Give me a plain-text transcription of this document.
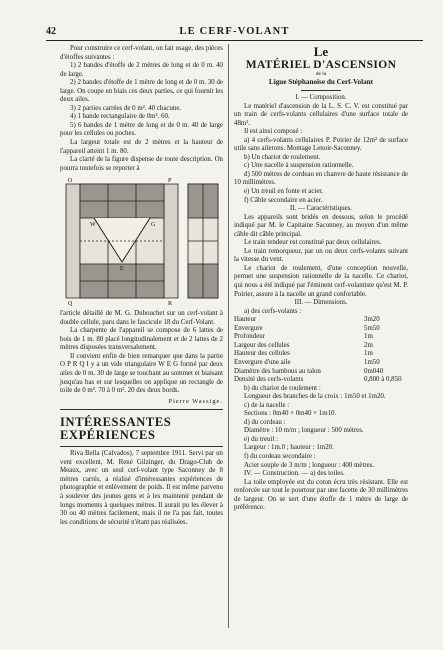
42	LE CERF-VOLANT

Pour construire ce cerf-volant, on fait usage, des pièces d'étoffes suivantes :

1) 2 bandes d'étoffe de 2 mètres de long et de 0 m. 40 de large.

2) 2 bandes d'étoffe de 1 mètre de long et de 0 m. 30 de large. On coupe en biais ces deux parties, ce qui fournit les deux ailes.

3) 2 parties carrées de 0 m². 40 chacune.

4) 1 bande rectangulaire de 0m². 60.

5) 6 bandes de 1 mètre de long et de 0 m. 40 de large pour les cellules ou poches.

La largeur totale est de 2 mètres et la hauteur de l'appareil atteint 1 m. 80.

La clarté de la figure dispense de toute description. On pourra toutefois se reporter à

O	P
R
Q
W
E
G

l'article détaillé de M. G. Dubouchet sur un cerf-volant à double cellule, paru dans le fascicule 18 du Cerf-Volant.

La charpente de l'appareil se compose de 6 lattes de bois de 1 m. 80 placé longitudinalement et de 2 lattes de 2 mètres disposées transversalement.

Il convient enfin de bien remarquer que dans la partie O P R Q I y a un vide triangulaire W E G formé par deux ailes de 0 m. 30 de large se touchant au sommet et biaisant jusqu'au bas et sur lesquelles on applique un rectangle de toile de 0 m². 70 à 0 m². 20 des deux bords.

Pierre Wassige.

INTÉRESSANTES EXPÉRIENCES

Riva Bella (Calvados), 7 septembre 1911. Servi par un vent excellent, M. René Gilzinger, du Drago-Club de Meaux, avec un seul cerf-volant type Saconney de 8 mètres carrés, a réalisé d'intéressantes expériences de photographie et enlèvement de poids. Il est même parvenu à soulever des jeunes gens et à les maintenir pendant de longs moments à quelques mètres. Il aurait pu les élever à 30 ou 40 mètres facilement, mais il ne l'a pas fait, toutes les conditions de sécurité n'étant pas réalisées.

Le

MATÉRIEL D'ASCENSION

de la

Ligue Stéphanoise du Cerf-Volant

I. — Composition.

Le matériel d'ascension de la L. S. C. V. est constitué par un train de cerfs-volants cellulaires d'une surface totale de 48m².

Il est ainsi composé :

a) 4 cerfs-volants cellulaires P. Poirier de 12m² de surface utile sans ailerons. Montage Lenoir-Saconney.

b) Un chariot de roulement.

c) Une nacelle à suspension rationnelle.

d) 500 mètres de cordeau en chanvre de haute résistance de 10 millimètres.

e) Un treuil en fonte et acier.

f) Câble secondaire en acier.

II. — Caractéristiques.

Les appareils sont bridés en dessous, selon le procédé indiqué par M. le Capitaine Saconney, au moyen d'un même câble dit câble principal.

Le train tendeur est constitué par deux cellulaires.

Le train remorqueur, par un ou deux cerfs-volants suivant la vitesse du vent.

Le chariot de roulement, d'une conception nouvelle, permet une suspension rationnelle de la nacelle. Ce chariot, qui nous a été indiqué par l'éminent cerf-volantiste qu'est M. P. Poirier, assure à la nacelle un grand confortable.

III. — Dimensions.

a) des cerfs-volants :

Hauteur	3m20
Envergure	5m50
Profondeur	1m
Largeur des cellules	2m
Hauteur des cellules	1m
Envergure d'une aile	1m50
Diamètre des bambous au talon	0m040
Densité des cerfs-volants	0,800 à 0,850

b) du chariot de roulement :

Longueur des branches de la croix : 1m50 et 1m20.

c) de la nacelle :

Sections : 0m40 × 0m40 × 1m10.

d) du cordeau :

Diamètre : 10 m/m ; longueur : 500 mètres.

e) du treuil :

Largeur : 1m.0 ; hauteur : 1m20.

f) du cordeau secondaire :

Acier souple de 3 m/m ; longueur : 400 mètres.

IV. — Construction. — a) des toiles.

La toile employée est du coton écru très résistant. Elle est renforcée sur tout le pourtour par une facette de 30 millimètres de largeur. On se sert d'une étoffe de 1 mètre de large de préférence.
